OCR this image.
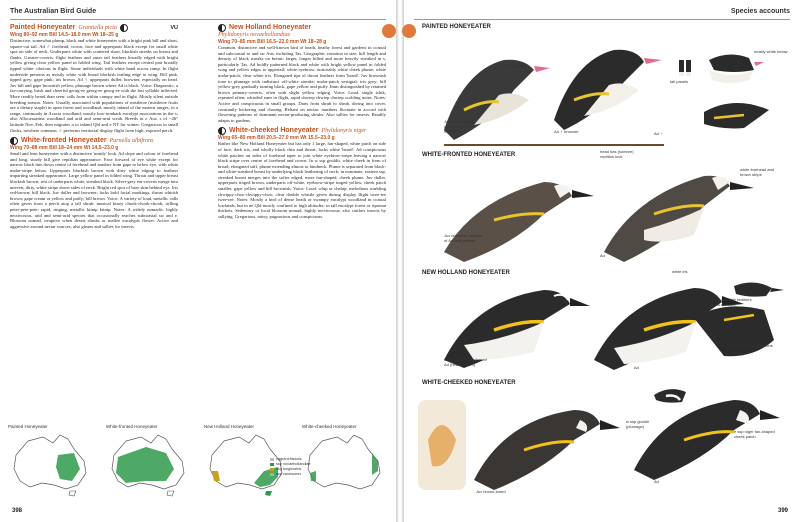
The Australian Bird Guide
Painted Honeyeater Grantiella picta	VU
Wing 80–92 mm Bill 14.5–18.0 mm Wt 18–25 g

Distinctive, somewhat plump, black and white honeyeater with a bright pink bill and short, square-cut tail. Ad ♂ forehead, crown, face and upperparts black except for small white spot on side of neck. Underparts white with scattered short, blackish streaks on breast and flanks. Greater-coverts, flight feathers and outer tail feathers broadly edged with bright yellow giving clear yellow panel in folded wing. Tail feathers except central pair broadly tipped white: obvious in flight. Some individuals with white band across rump. In flight underside presents as mostly white with broad blackish trailing edge to wing. Bill pink, tipped grey; gape pink; iris brown. Ad ♀ upperparts duller, browner, especially on head. Juv bill and gape brownish yellow, plumage brown where Ad is black. Voice: Diagnostic; a far-carrying, brisk and cheerful georg-ee georg-ee georg-ee with the last syllable inflected. More readily heard than seen: calls from within canopy and in flight. Mostly silent outside breeding season. Notes: Usually associated with populations of mistletoe (mistletoe fruits are a dietary staple) in open forest and woodland, mostly inland of the eastern ranges, in a range, commonly in Acacia woodland; mostly box-ironbark eucalypt associations in the s; also Allocasuarina woodland and arid and semi-arid scrub. Breeds in e Aus, s of ~26° latitude Nov–Feb, then migrates n to inland Qld and e NT for winter. Gregarious in small flocks, nowhere common. ♂ performs territorial display flight from high, exposed perch.

White-fronted Honeyeater Purnella albifrons
Wing 70–88 mm Bill 18–24 mm Wt 14.5–23.0 g

Small and lean honeyeater with a distinctive 'untidy' look. Ad slope and colour of forehead and long, sturdy bill give reptilian appearance. Face forward of eye white except for narrow black line down centre of forehead and another from gape to below eye, with white malar-stripe below. Upperparts blackish brown with dirty white edging to feathers imparting streaked appearance. Large yellow panel in folded wing. Throat and upper breast blackish brown; rest of underparts white, streaked black. Silver-grey ear-coverts merge into uneven, dirty, white stripe down sides of neck. Bright red spot of bare skin behind eye. Iris red-brown; bill black. Juv duller and browner; lacks bold facial markings, throat whitish brown; gape cream or yellow and puffy; bill brown. Voice: A variety of loud, metallic calls often given from a perch atop a tall shrub: musical kinoy chook-chook-chook; trilling peter-pete-pete; rapid, ringing, metallic kitnip kitnip. Notes: A widely nomadic, highly nectivorous, arid and semi-arid species that occasionally reaches subcoastal sw and e. Blossom nomad, irruptive when desert shrubs or mallee eucalypts flower. Active and aggressive around nectar sources, also gleans and sallies for insects.

New Holland Honeyeater
Phylidonyris novaehollandiae
Wing 70–85 mm Bill 16.5–22.0 mm Wt 18–28 g

Common, distinctive and well-known bird of heath, heathy forest and gardens in coastal and subcoastal se and sw Aus, including Tas. Geographic variation in size, bill length and density of black streaks on breast: larger, longer billed and more heavily streaked in s, particularly Tas. Ad boldly patterned black and white with bright yellow panel in folded wing and yellow edges to uppertail; white eyebrow; noticeably white cheek plume; white malar-patch; clear white iris. Elongated tips of throat feathers form 'beard'. Juv brownish tone to plumage with indistinct off-white streaks; malar-patch vestigial; iris grey; bill yellow-grey gradually turning black, gape yellow and puffy. Imm distinguished by retained brown primary-coverts, often with slight yellow edging. Voice: Loud, single tchik, repeated often; whistled zuee in flight, rapid chwiep chwiep chwiep scolding notes. Notes: Active and conspicuous in small groups. Darts from shrub to shrub, diving into cover, constantly bickering and chasing. Reliant on nectar: numbers fluctuate in accord with flowering patterns of dominant nectar-producing shrubs. Also sallies for insects. Readily adapts to gardens.

White-cheeked Honeyeater Phylidonyris niger
Wing 65–80 mm Bill 20.5–27.0 mm Wt 15.5–23.0 g

Rather like New Holland Honeyeater but has only 1 large, fan-shaped, white patch on side of face, dark iris, and wholly black chin and throat; lacks white 'beard'. Ad conspicuous white patches on sides of forehead taper to join white eyebrow-stripe leaving a narrow black stripe over centre of forehead and crown. In w ssp gouldii, white cheek in form of broad, elongated stiff, plume extending almost to hindneck. Plume is separated from black- and white-streaked breast by underlying black feathering of neck; in nominate, eastern ssp, streaked breast merges into the softer edged, more fan-shaped, cheek plume. Juv duller, upperparts tinged brown, underparts off-white, eyebrow-stripe tinged yellow, cheek patch smaller, gape yellow and bill brownish. Voice: Loud, whip or chalup; melodious warbling chwippy-choo-chwippy-choo; clear double whistle given during display flight twee-tee twee-tee. Notes: Mostly a bird of dense heath or swampy eucalypt woodland in coastal lowlands, but in ne Qld mostly confined to high altitudes: in tall eucalypt forest or riparian thickets. Sedentary or local blossom nomad, highly nectivorous; also catches insects by sallying. Gregarious, noisy, pugnacious and conspicuous.

Painted Honeyeater	White-fronted Honeyeater	New Holland Honeyeater	White-cheeked Honeyeater
vagrant/historic
ssp novaehollandiae
ssp longirostris
ssp canescens
398
Species accounts
PAINTED HONEYEATER
WHITE-FRONTED HONEYEATER
NEW HOLLAND HONEYEATER
WHITE-CHEEKED HONEYEATER
Ad ♂ (flower)
Juv brown-toned upperparts, gape/bill	Ad ♀ browner
mostly white below
tail panels
Ad ♂
head has (sombre) reptilian look
white forehead and brown stripe
Juv brownish shadow of Ad face pattern
Ad
white iris
throat has little feathers forms a 'beard'
Juv brownish shadow of Ad (head pattern)
white tips to tail feathers
Ad
w ssp gouldii (plumage)
e ssp niger fan-shaped cheek patch
Juv brown-toned
Ad
399
